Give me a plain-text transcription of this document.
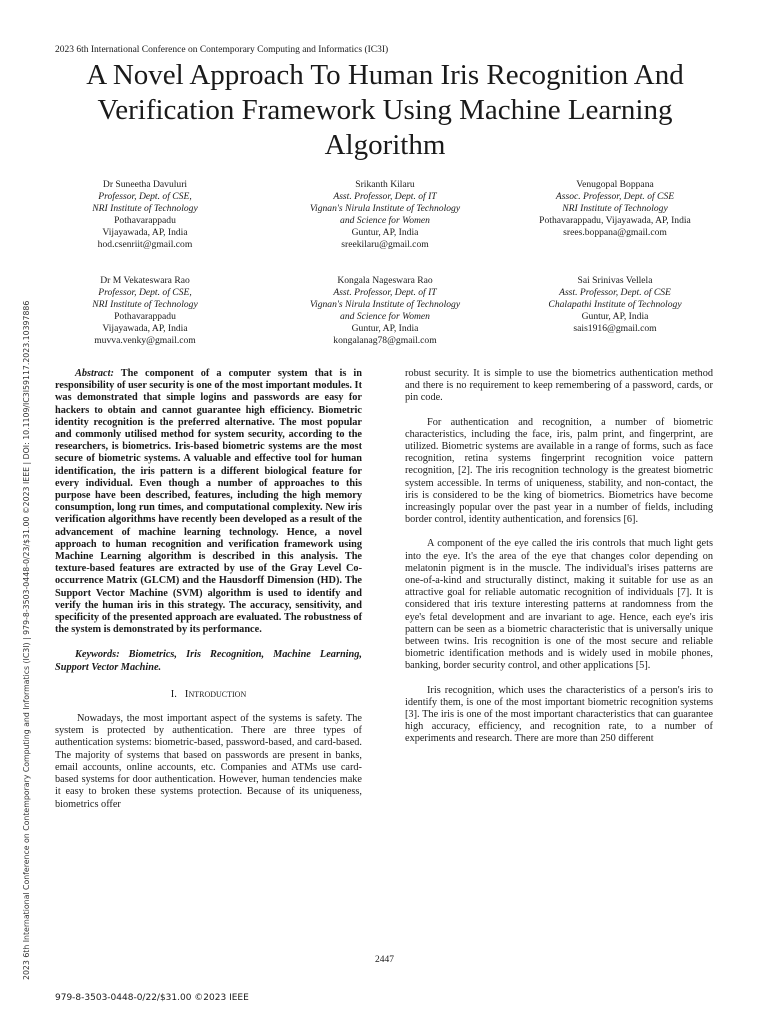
2023 6th International Conference on Contemporary Computing and Informatics (IC3I)
A Novel Approach To Human Iris Recognition And
Verification Framework Using Machine Learning
Algorithm
Dr Suneetha Davuluri
Professor, Dept. of CSE,
NRI Institute of Technology
Pothavarappadu
Vijayawada, AP, India
hod.csenriit@gmail.com
Srikanth Kilaru
Asst. Professor, Dept. of IT
Vignan's Nirula Institute of Technology
and Science for Women
Guntur, AP, India
sreekilaru@gmail.com
Venugopal Boppana
Assoc. Professor, Dept. of CSE
NRI Institute of Technology
Pothavarappadu, Vijayawada, AP, India
srees.boppana@gmail.com
Dr M Vekateswara Rao
Professor, Dept. of CSE,
NRI Institute of Technology
Pothavarappadu
Vijayawada, AP, India
muvva.venky@gmail.com
Kongala Nageswara Rao
Asst. Professor, Dept. of IT
Vignan's Nirula Institute of Technology
and Science for Women
Guntur, AP, India
kongalanag78@gmail.com
Sai Srinivas Vellela
Asst. Professor, Dept. of CSE
Chalapathi Institute of Technology
Guntur, AP, India
sais1916@gmail.com
2023 6th International Conference on Contemporary Computing and Informatics (IC3I) | 979-8-3503-0448-0/23/$31.00 ©2023 IEEE | DOI: 10.1109/IC3I59117.2023.10397886	Abstract: The component of a computer system that is in responsibility of user security is one of the most important modules. It was demonstrated that simple logins and passwords are easy for hackers to obtain and cannot guarantee high efficiency. Biometric identity recognition is the preferred alternative. The most popular and commonly utilised method for system security, according to the researchers, is biometrics. Iris-based biometric systems are the most secure of biometric systems. A valuable and effective tool for human identification, the iris pattern is a different biological feature for every individual. Even though a number of approaches to this purpose have been described, features, including the high memory consumption, long run times, and computational complexity. New iris verification algorithms have recently been developed as a result of the advancement of machine learning technology. Hence, a novel approach to human recognition and verification framework using Machine Learning algorithm is described in this analysis. The texture-based features are extracted by use of the Gray Level Co-occurrence Matrix (GLCM) and the Hausdorff Dimension (HD). The Support Vector Machine (SVM) algorithm is used to identify and verify the human iris in this strategy. The accuracy, sensitivity, and specificity of the presented approach are evaluated. The robustness of the system is demonstrated by its performance.

Keywords: Biometrics, Iris Recognition, Machine Learning, Support Vector Machine.

I. Introduction

Nowadays, the most important aspect of the systems is safety. The system is protected by authentication. There are three types of authentication systems: biometric-based, password-based, and card-based. The majority of systems that based on passwords are present in banks, email accounts, online accounts, etc. Companies and ATMs use card-based systems for door authentication. However, human tendencies make it easy to broken these systems protection. Because of its uniqueness, biometrics offer

robust security. It is simple to use the biometrics authentication method and there is no requirement to keep remembering of a password, cards, or pin code.

For authentication and recognition, a number of biometric characteristics, including the face, iris, palm print, and fingerprint, are utilized. Biometric systems are available in a range of forms, such as face recognition, retina systems fingerprint recognition voice pattern recognition, [2]. The iris recognition technology is the greatest biometric system accessible. In terms of uniqueness, stability, and non-contact, the iris is considered to be the king of biometrics. Biometrics have become increasingly popular over the past year in a number of fields, including border control, identity authentication, and forensics [6].

A component of the eye called the iris controls that much light gets into the eye. It's the area of the eye that changes color depending on melatonin pigment is in the muscle. The individual's irises patterns are one-of-a-kind and structurally distinct, making it suitable for use as an attractive goal for reliable automatic recognition of individuals [7]. It is considered that iris texture interesting patterns at randomness from the eye's fetal development and are invariant to age. Hence, each eye's iris pattern can be seen as a biometric characteristic that is universally unique between twins. Iris recognition is one of the most secure and reliable biometric identification methods and is widely used in mobile phones, banking, border security control, and other applications [5].

Iris recognition, which uses the characteristics of a person's iris to identify them, is one of the most important biometric recognition systems [3]. The iris is one of the most important characteristics that can guarantee high accuracy, efficiency, and recognition rate, to a number of experiments and research. There are more than 250 different

2447
979-8-3503-0448-0/22/$31.00 ©2023 IEEE
